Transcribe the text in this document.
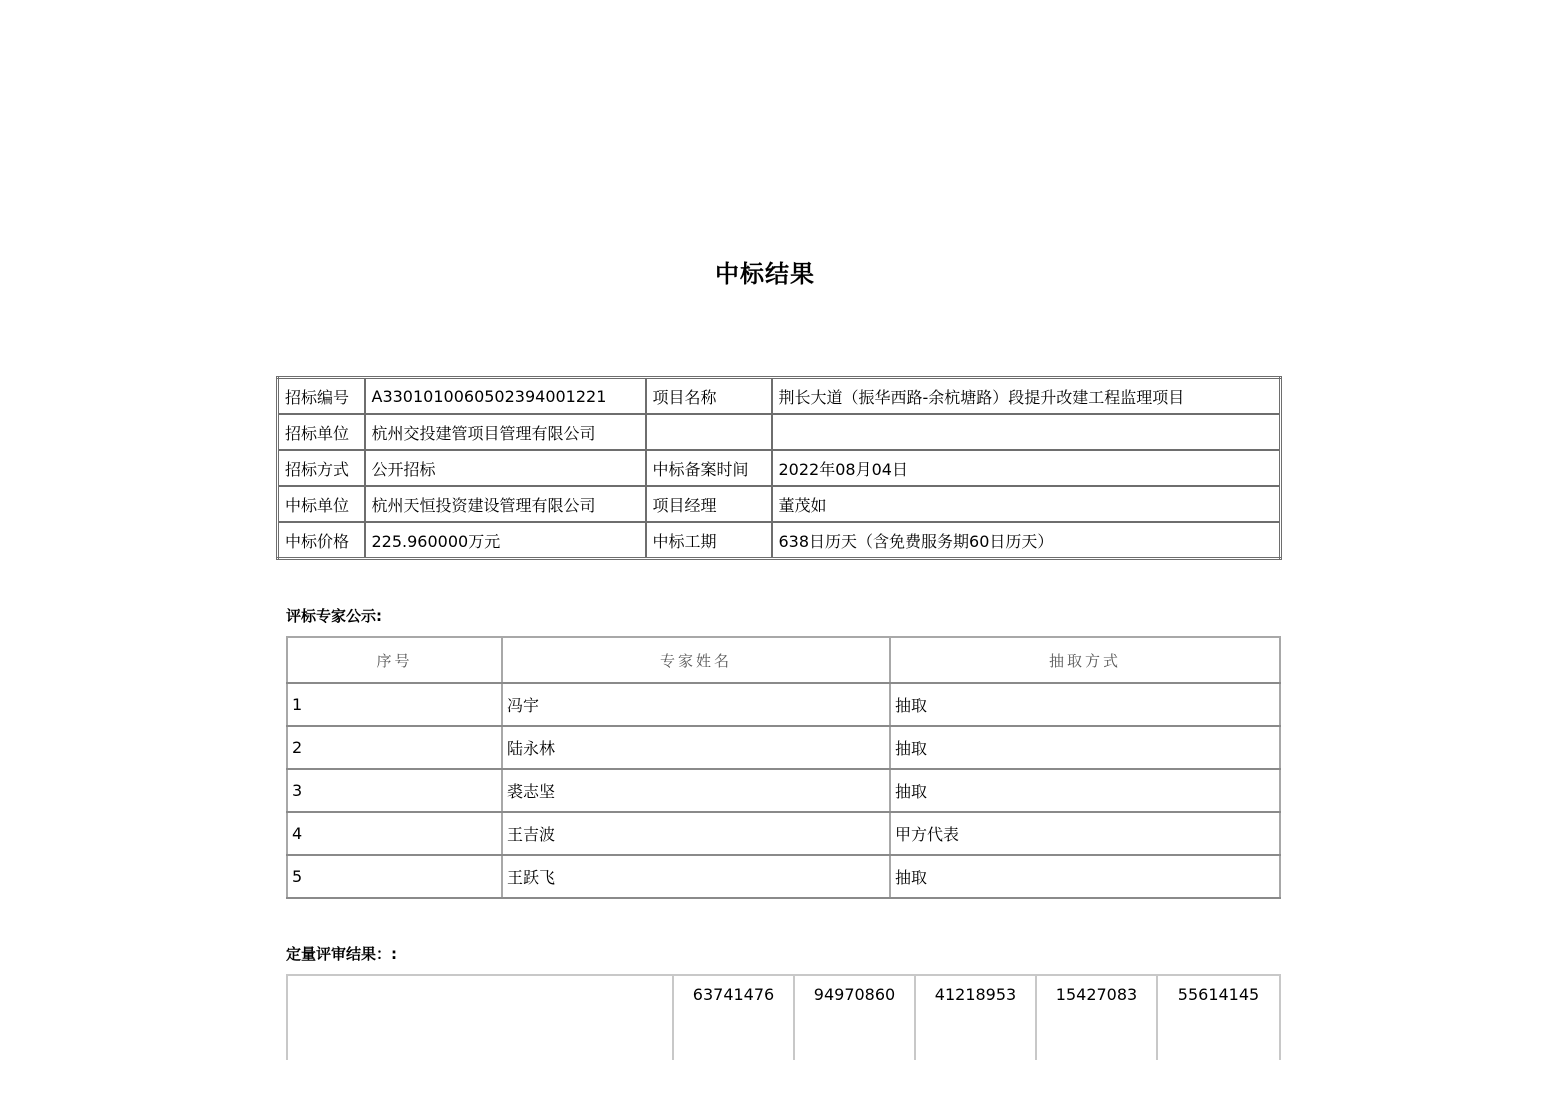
中标结果
招标编号	A3301010060502394001221	项目名称	荆长大道（振华西路-余杭塘路）段提升改建工程监理项目
招标单位	杭州交投建管项目管理有限公司		
招标方式	公开招标	中标备案时间	2022年08月04日
中标单位	杭州天恒投资建设管理有限公司	项目经理	董茂如
中标价格	225.960000万元	中标工期	638日历天（含免费服务期60日历天）
评标专家公示:
序号	专家姓名	抽取方式
1	冯宇	抽取
2	陆永林	抽取
3	裘志坚	抽取
4	王吉波	甲方代表
5	王跃飞	抽取
定量评审结果：:
	63741476	94970860	41218953	15427083	55614145
